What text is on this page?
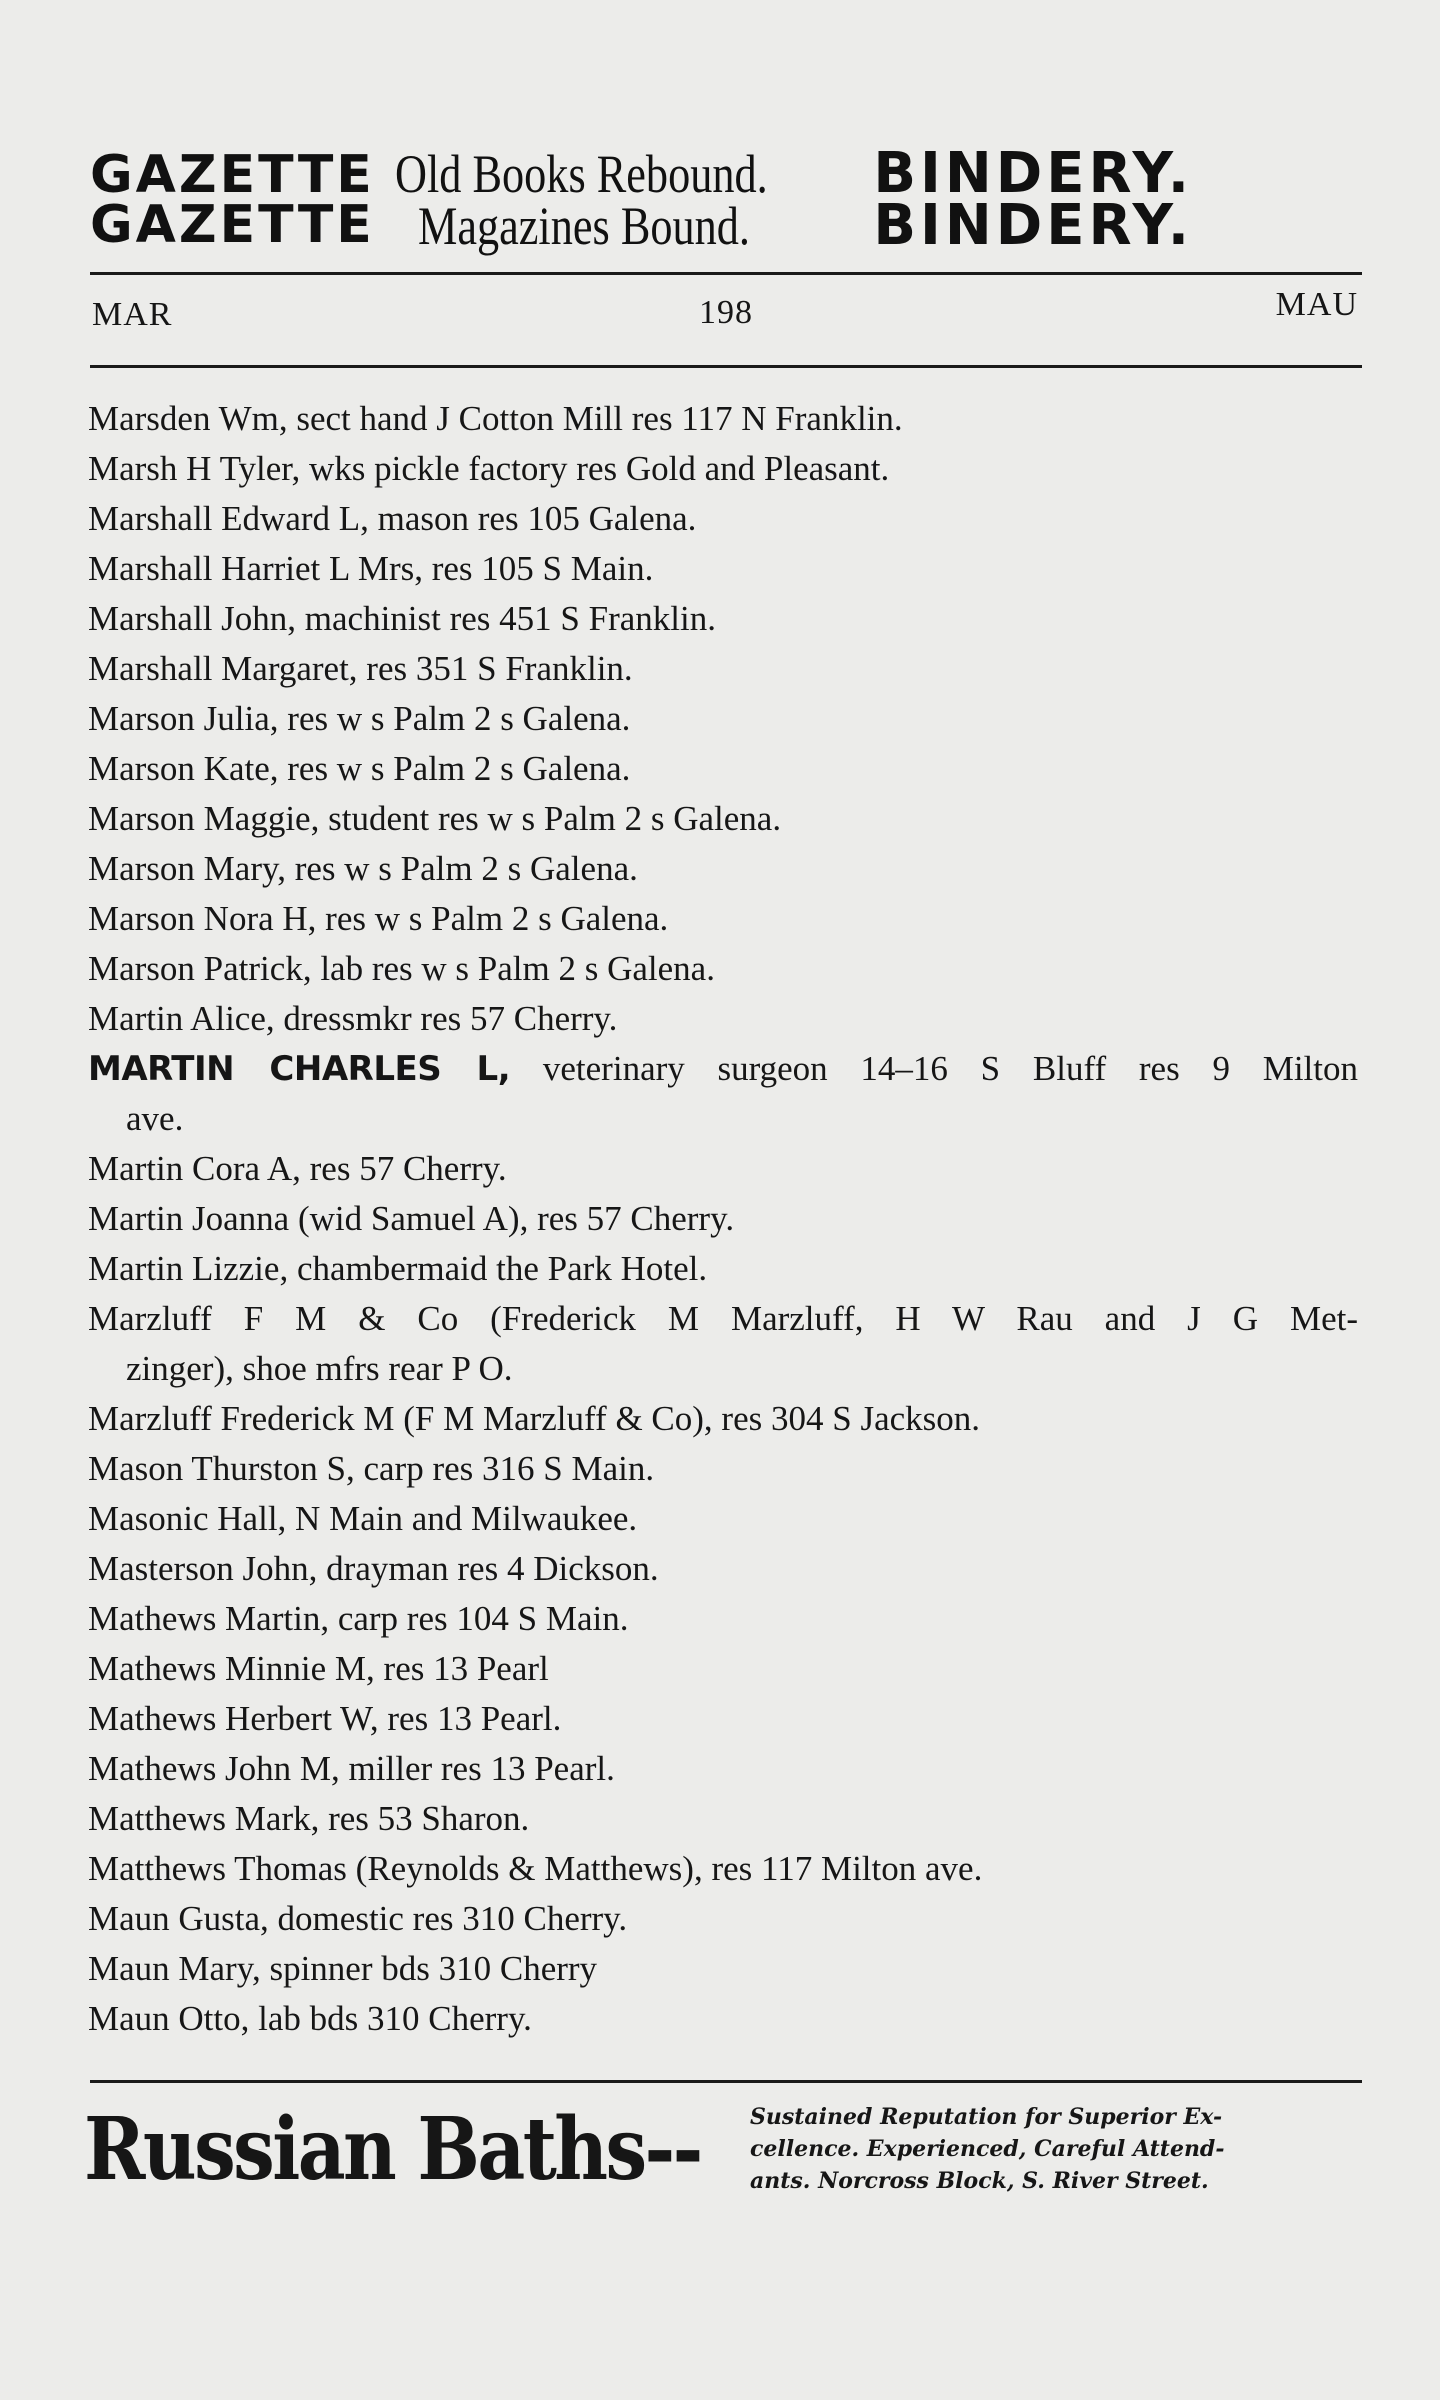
GAZETTE
GAZETTE
Old Books Rebound.
Magazines Bound.
BINDERY.
BINDERY.
MAR	198	MAU

Marsden Wm, sect hand J Cotton Mill res 117 N Franklin.

Marsh H Tyler, wks pickle factory res Gold and Pleasant.

Marshall Edward L, mason res 105 Galena.

Marshall Harriet L Mrs, res 105 S Main.

Marshall John, machinist res 451 S Franklin.

Marshall Margaret, res 351 S Franklin.

Marson Julia, res w s Palm 2 s Galena.

Marson Kate, res w s Palm 2 s Galena.

Marson Maggie, student res w s Palm 2 s Galena.

Marson Mary, res w s Palm 2 s Galena.

Marson Nora H, res w s Palm 2 s Galena.

Marson Patrick, lab res w s Palm 2 s Galena.

Martin Alice, dressmkr res 57 Cherry.

MARTIN CHARLES L, veterinary surgeon 14–16 S Bluff res 9 Milton

ave.

Martin Cora A, res 57 Cherry.

Martin Joanna (wid Samuel A), res 57 Cherry.

Martin Lizzie, chambermaid the Park Hotel.

Marzluff F M & Co (Frederick M Marzluff, H W Rau and J G Met-

zinger), shoe mfrs rear P O.

Marzluff Frederick M (F M Marzluff & Co), res 304 S Jackson.

Mason Thurston S, carp res 316 S Main.

Masonic Hall, N Main and Milwaukee.

Masterson John, drayman res 4 Dickson.

Mathews Martin, carp res 104 S Main.

Mathews Minnie M, res 13 Pearl

Mathews Herbert W, res 13 Pearl.

Mathews John M, miller res 13 Pearl.

Matthews Mark, res 53 Sharon.

Matthews Thomas (Reynolds & Matthews), res 117 Milton ave.

Maun Gusta, domestic res 310 Cherry.

Maun Mary, spinner bds 310 Cherry

Maun Otto, lab bds 310 Cherry.

Russian Baths-- Sustained Reputation for Superior Ex-
cellence. Experienced, Careful Attend-
ants. Norcross Block, S. River Street.
